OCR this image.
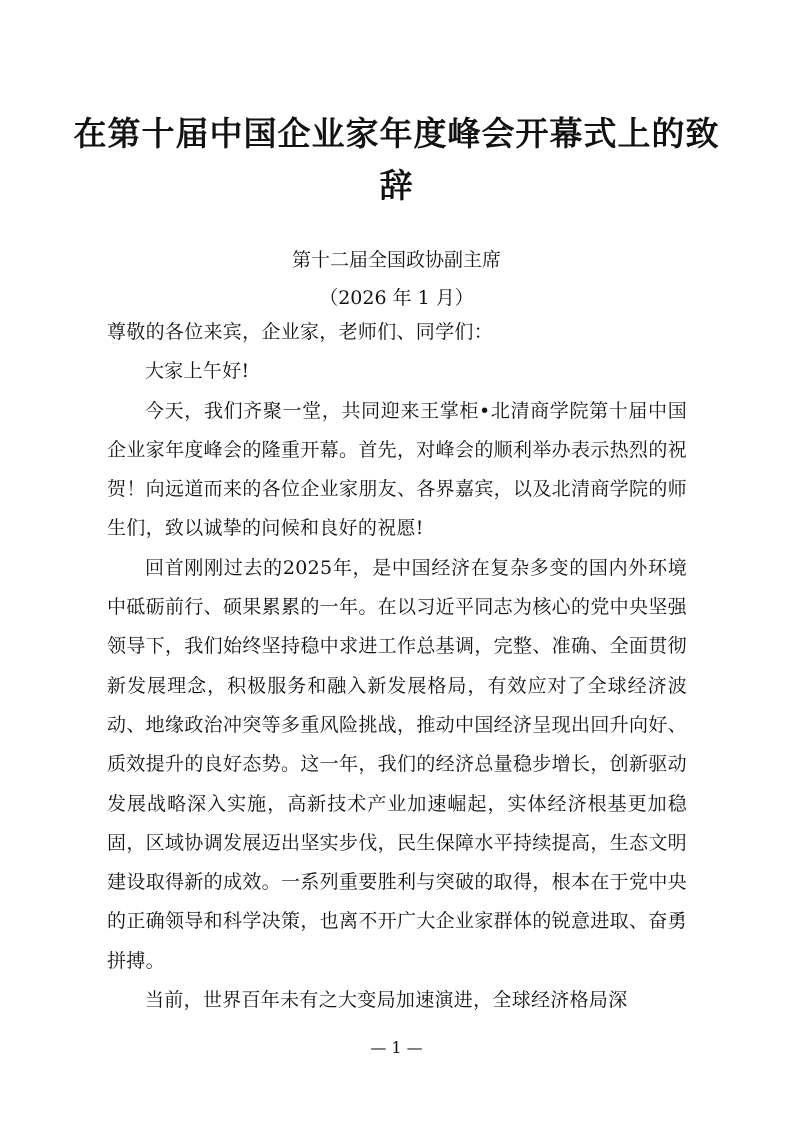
在第十届中国企业家年度峰会开幕式上的致辞
第十二届全国政协副主席
（2026 年 1 月）

尊敬的各位来宾，企业家，老师们、同学们：

大家上午好!

今天，我们齐聚一堂，共同迎来王掌柜•北清商学院第十届中国企业家年度峰会的隆重开幕。首先，对峰会的顺利举办表示热烈的祝贺！向远道而来的各位企业家朋友、各界嘉宾，以及北清商学院的师生们，致以诚挚的问候和良好的祝愿!

回首刚刚过去的2025年，是中国经济在复杂多变的国内外环境中砥砺前行、硕果累累的一年。在以习近平同志为核心的党中央坚强领导下，我们始终坚持稳中求进工作总基调，完整、准确、全面贯彻新发展理念，积极服务和融入新发展格局，有效应对了全球经济波动、地缘政治冲突等多重风险挑战，推动中国经济呈现出回升向好、质效提升的良好态势。这一年，我们的经济总量稳步增长，创新驱动发展战略深入实施，高新技术产业加速崛起，实体经济根基更加稳固，区域协调发展迈出坚实步伐，民生保障水平持续提高，生态文明建设取得新的成效。一系列重要胜利与突破的取得，根本在于党中央的正确领导和科学决策，也离不开广大企业家群体的锐意进取、奋勇拼搏。

当前，世界百年未有之大变局加速演进，全球经济格局深

— 1 —
